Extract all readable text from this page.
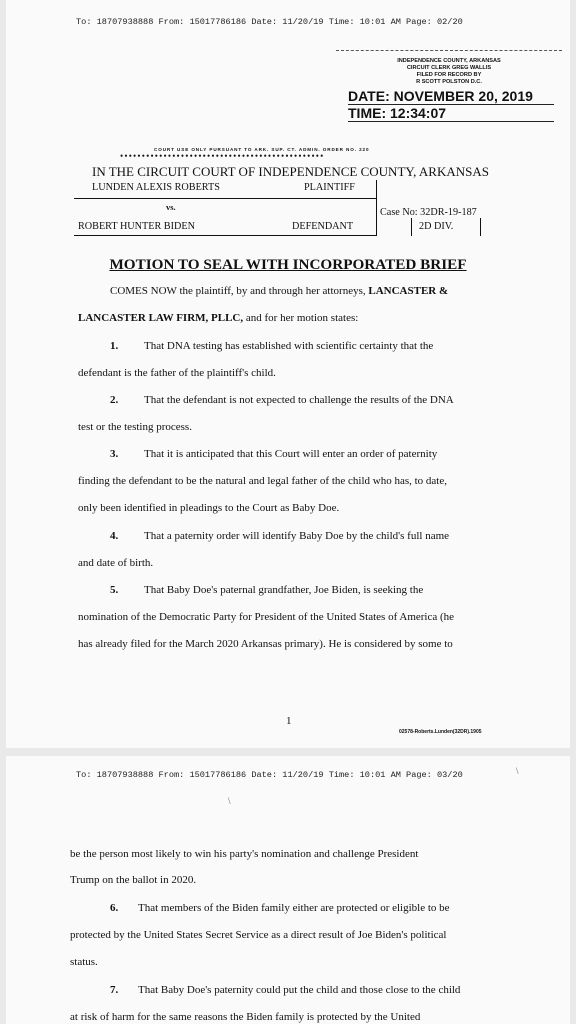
To: 18707938888 From: 15017786186 Date: 11/20/19 Time: 10:01 AM Page: 02/20
INDEPENDENCE COUNTY, ARKANSAS
CIRCUIT CLERK GREG WALLIS
FILED FOR RECORD BY
R SCOTT POLSTON D.C.
DATE: NOVEMBER 20, 2019
TIME: 12:34:07
COURT USE ONLY PURSUANT TO ARK. SUP. CT. ADMIN. ORDER NO. 220
•••••••••••••••••••••••••••••••••••••••••••••••
IN THE CIRCUIT COURT OF INDEPENDENCE COUNTY, ARKANSAS
LUNDEN ALEXIS ROBERTS	PLAINTIFF
vs.	Case No: 32DR-19-187
2D DIV.
ROBERT HUNTER BIDEN	DEFENDANT
MOTION TO SEAL WITH INCORPORATED BRIEF
COMES NOW the plaintiff, by and through her attorneys, LANCASTER &
LANCASTER LAW FIRM, PLLC, and for her motion states:
1. That DNA testing has established with scientific certainty that the
defendant is the father of the plaintiff's child.
2. That the defendant is not expected to challenge the results of the DNA
test or the testing process.
3. That it is anticipated that this Court will enter an order of paternity
finding the defendant to be the natural and legal father of the child who has, to date,
only been identified in pleadings to the Court as Baby Doe.
4. That a paternity order will identify Baby Doe by the child's full name
and date of birth.
5. That Baby Doe's paternal grandfather, Joe Biden, is seeking the
nomination of the Democratic Party for President of the United States of America (he
has already filed for the March 2020 Arkansas primary). He is considered by some to
1
02578-Roberts.Lunden(32DR).1905
To: 18707938888 From: 15017786186 Date: 11/20/19 Time: 10:01 AM Page: 03/20	\
\
be the person most likely to win his party's nomination and challenge President
Trump on the ballot in 2020.
6. That members of the Biden family either are protected or eligible to be
protected by the United States Secret Service as a direct result of Joe Biden's political
status.
7. That Baby Doe's paternity could put the child and those close to the child
at risk of harm for the same reasons the Biden family is protected by the United
